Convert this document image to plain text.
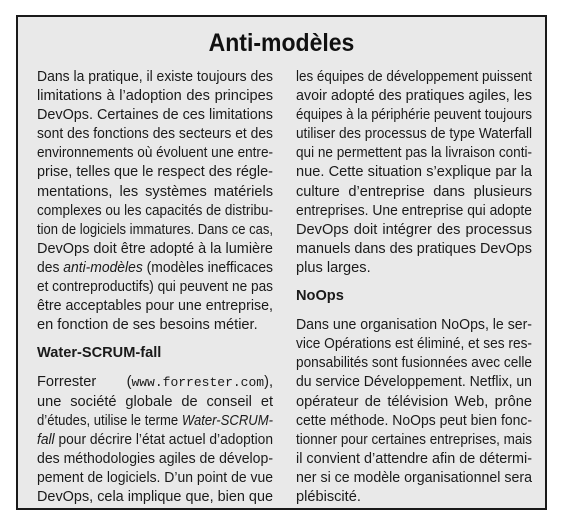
Anti-modèles
Dans la pratique, il existe toujours des
limitations à l’adoption des principes
DevOps. Certaines de ces limitations
sont des fonctions des secteurs et des
environnements où évoluent une entre-
prise, telles que le respect des régle-
mentations, les systèmes matériels
complexes ou les capacités de distribu-
tion de logiciels immatures. Dans ce cas,
DevOps doit être adopté à la lumière
des anti-modèles (modèles inefficaces
et contreproductifs) qui peuvent ne pas
être acceptables pour une entreprise,
en fonction de ses besoins métier.
Water-SCRUM-fall
Forrester (www.forrester.com),
une société globale de conseil et
d’études, utilise le terme Water-SCRUM-
fall pour décrire l’état actuel d’adoption
des méthodologies agiles de dévelop-
pement de logiciels. D’un point de vue
DevOps, cela implique que, bien que
les équipes de développement puissent
avoir adopté des pratiques agiles, les
équipes à la périphérie peuvent toujours
utiliser des processus de type Waterfall
qui ne permettent pas la livraison conti-
nue. Cette situation s’explique par la
culture d’entreprise dans plusieurs
entreprises. Une entreprise qui adopte
DevOps doit intégrer des processus
manuels dans des pratiques DevOps
plus larges.
NoOps
Dans une organisation NoOps, le ser-
vice Opérations est éliminé, et ses res-
ponsabilités sont fusionnées avec celle
du service Développement. Netflix, un
opérateur de télévision Web, prône
cette méthode. NoOps peut bien fonc-
tionner pour certaines entreprises, mais
il convient d’attendre afin de détermi-
ner si ce modèle organisationnel sera
plébiscité.
